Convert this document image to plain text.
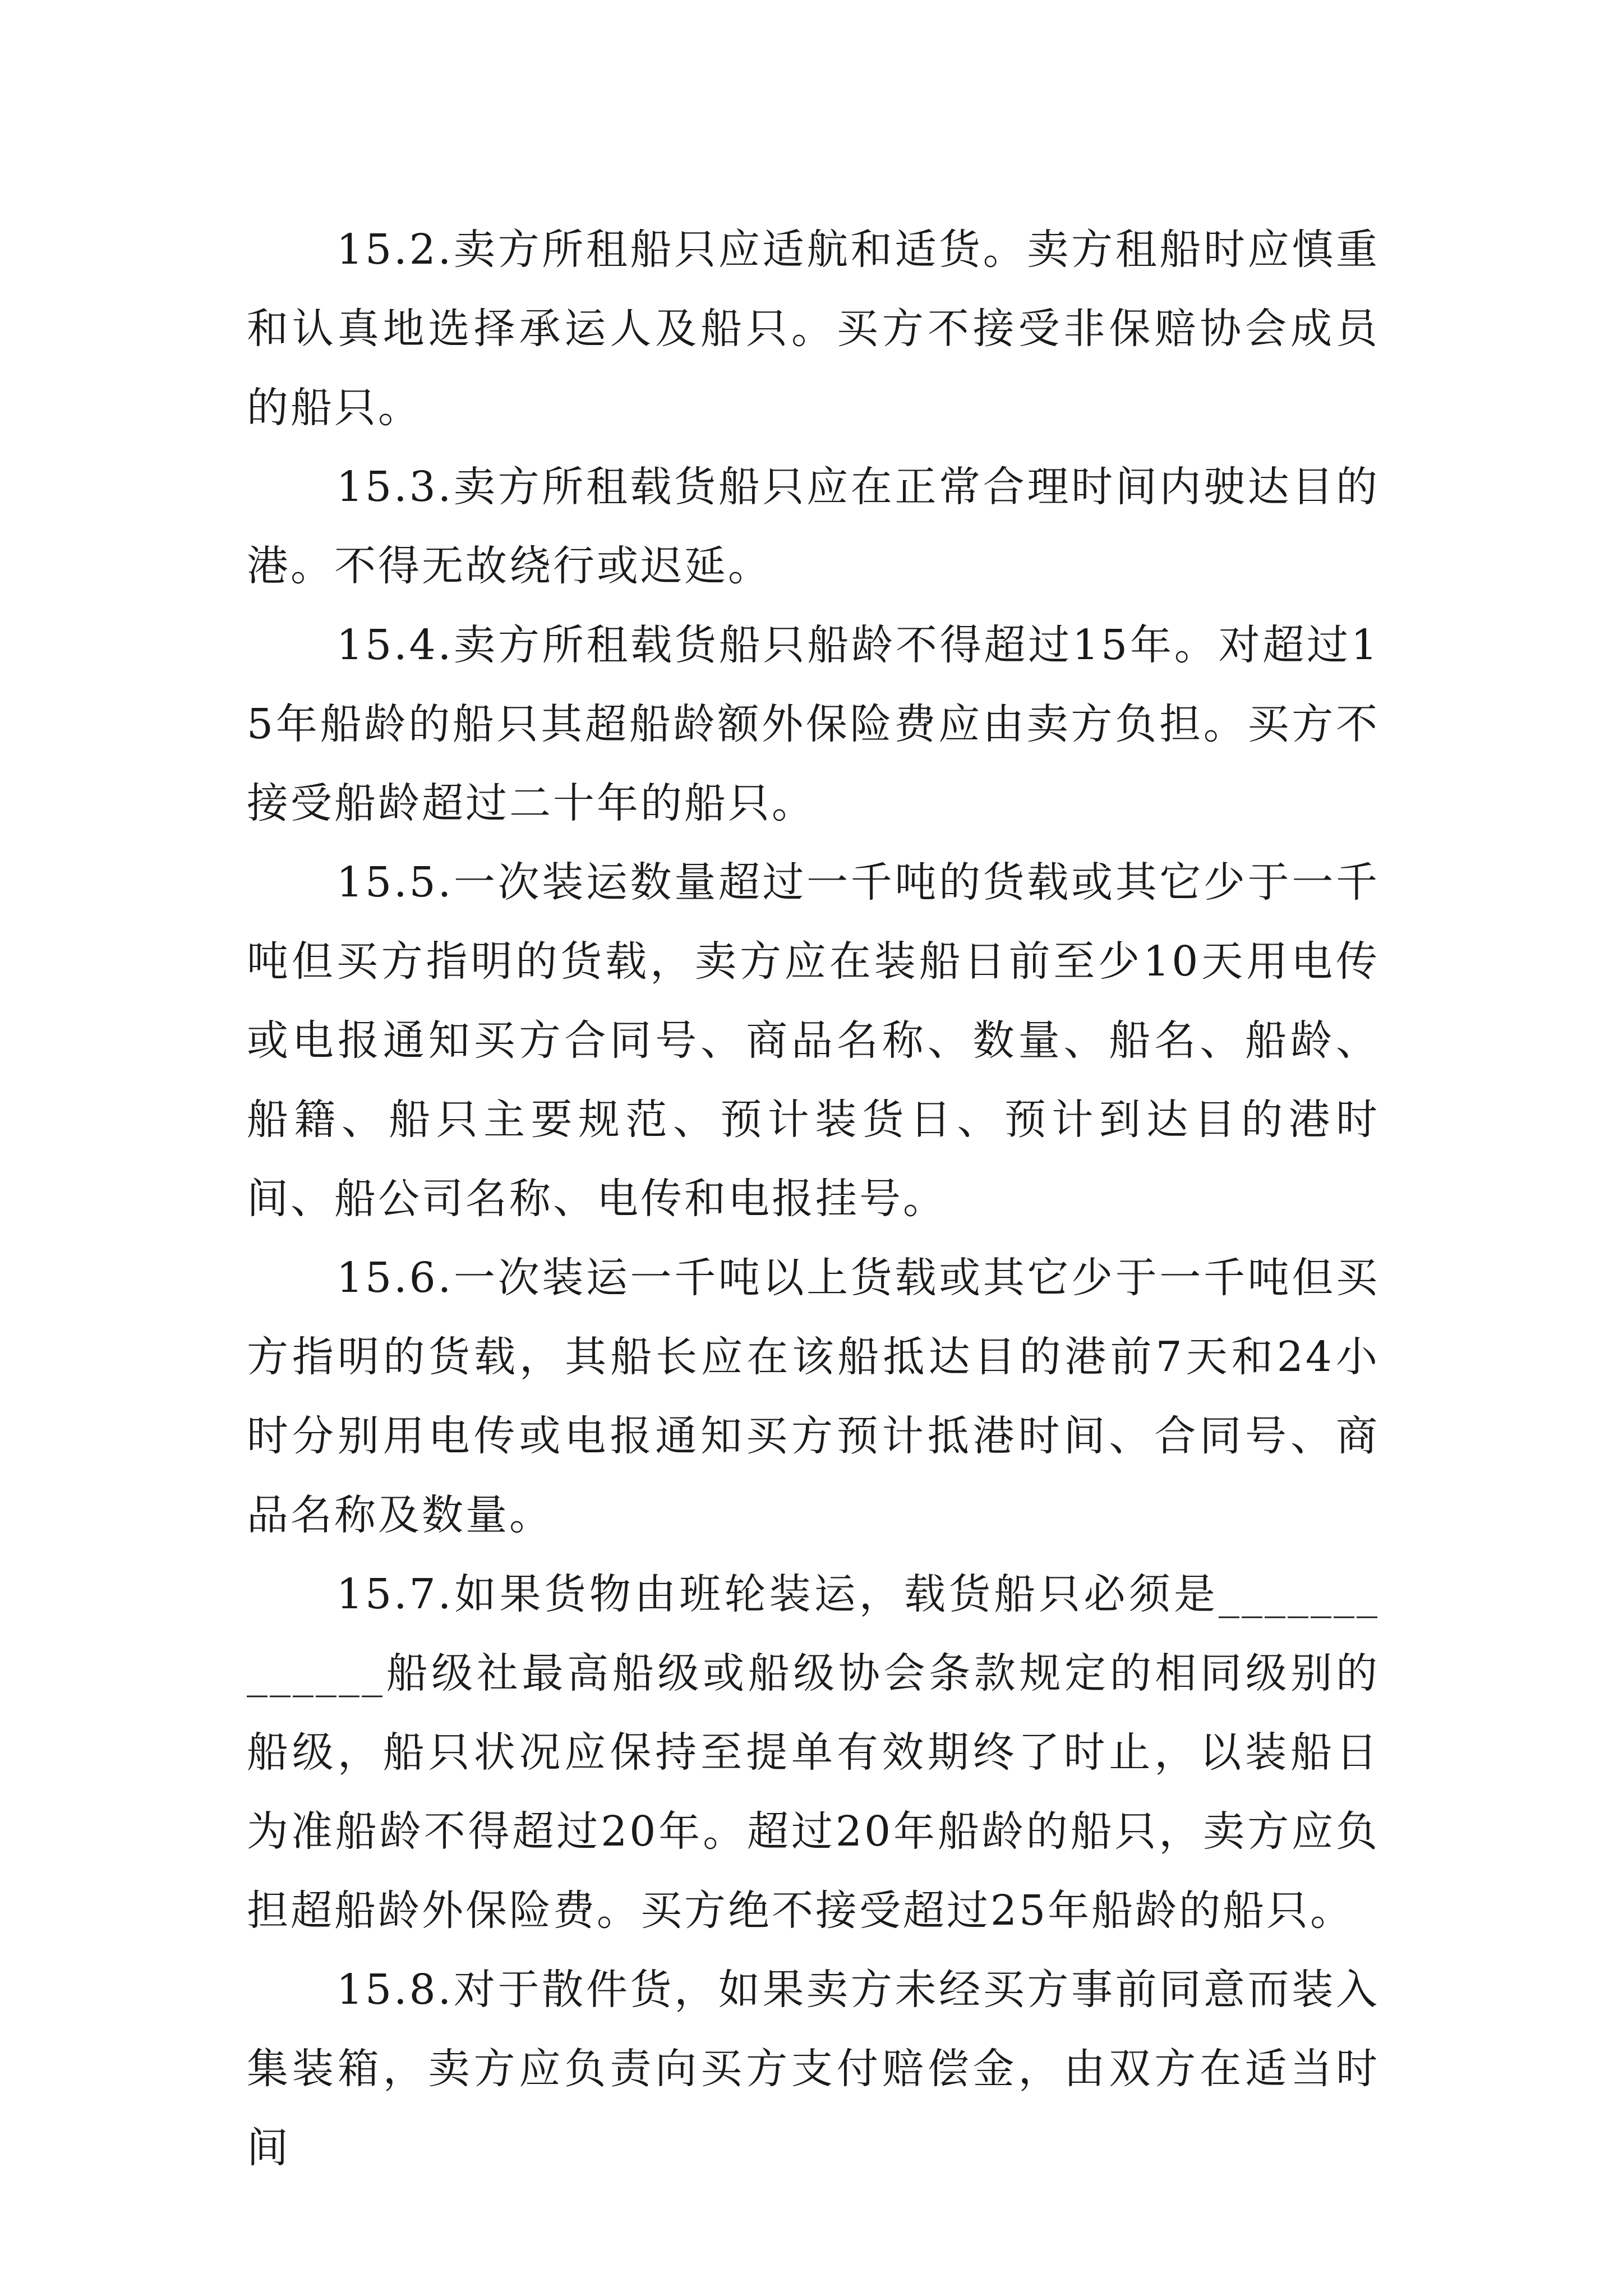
15.2.卖方所租船只应适航和适货。卖方租船时应慎重和认真地选择承运人及船只。买方不接受非保赔协会成员的船只。

15.3.卖方所租载货船只应在正常合理时间内驶达目的港。不得无故绕行或迟延。

15.4.卖方所租载货船只船龄不得超过15年。对超过15年船龄的船只其超船龄额外保险费应由卖方负担。买方不接受船龄超过二十年的船只。

15.5.一次装运数量超过一千吨的货载或其它少于一千吨但买方指明的货载，卖方应在装船日前至少10天用电传或电报通知买方合同号、商品名称、数量、船名、船龄、船籍、船只主要规范、预计装货日、预计到达目的港时间、船公司名称、电传和电报挂号。

15.6.一次装运一千吨以上货载或其它少于一千吨但买方指明的货载，其船长应在该船抵达目的港前7天和24小时分别用电传或电报通知买方预计抵港时间、合同号、商品名称及数量。

15.7.如果货物由班轮装运，载货船只必须是_____________船级社最高船级或船级协会条款规定的相同级别的船级，船只状况应保持至提单有效期终了时止，以装船日为准船龄不得超过20年。超过20年船龄的船只，卖方应负担超船龄外保险费。买方绝不接受超过25年船龄的船只。

15.8.对于散件货，如果卖方未经买方事前同意而装入集装箱，卖方应负责向买方支付赔偿金，由双方在适当时间
